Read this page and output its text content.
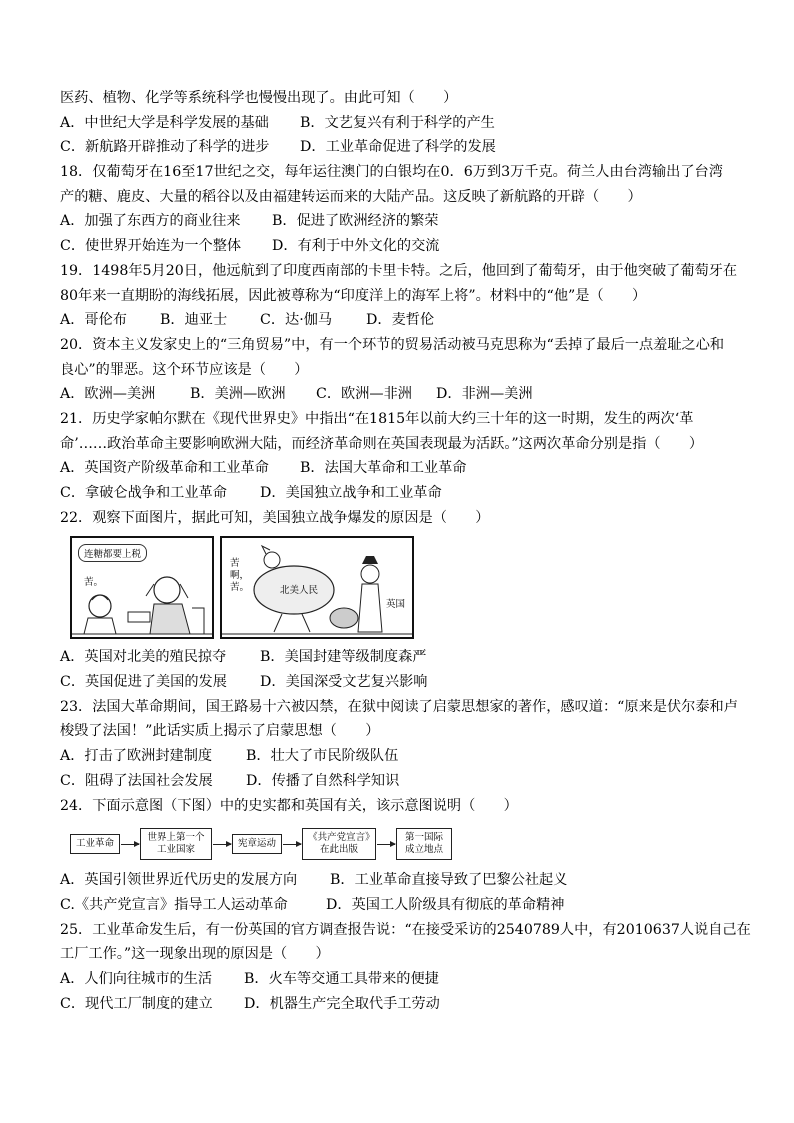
医药、植物、化学等系统科学也慢慢出现了。由此可知（　　）
A．中世纪大学是科学发展的基础	B．文艺复兴有利于科学的产生
C．新航路开辟推动了科学的进步	D．工业革命促进了科学的发展
18．仅葡萄牙在16至17世纪之交，每年运往澳门的白银均在0．6万到3万千克。荷兰人由台湾输出了台湾
产的糖、鹿皮、大量的稻谷以及由福建转运而来的大陆产品。这反映了新航路的开辟（　　）
A．加强了东西方的商业往来	B．促进了欧洲经济的繁荣
C．使世界开始连为一个整体	D．有利于中外文化的交流
19．1498年5月20日，他远航到了印度西南部的卡里卡特。之后，他回到了葡萄牙，由于他突破了葡萄牙在
80年来一直期盼的海线拓展，因此被尊称为“印度洋上的海军上将”。材料中的“他”是（　　）
A．哥伦布	B．迪亚士	C．达·伽马	D．麦哲伦
20．资本主义发家史上的“三角贸易”中，有一个环节的贸易活动被马克思称为“丢掉了最后一点羞耻之心和
良心”的罪恶。这个环节应该是（　　）
A．欧洲—美洲	B．美洲—欧洲	C．欧洲—非洲	D．非洲—美洲
21．历史学家帕尔默在《现代世界史》中指出“在1815年以前大约三十年的这一时期，发生的两次‘革
命’……政治革命主要影响欧洲大陆，而经济革命则在英国表现最为活跃。”这两次革命分别是指（　　）
A．英国资产阶级革命和工业革命	B．法国大革命和工业革命
C．拿破仑战争和工业革命	D．美国独立战争和工业革命
22．观察下面图片，据此可知，美国独立战争爆发的原因是（　　）
连糖都要上税
苦。
苦啊，苦。	北美人民
英国
A．英国对北美的殖民掠夺	B．美国封建等级制度森严
C．英国促进了美国的发展	D．美国深受文艺复兴影响
23．法国大革命期间，国王路易十六被囚禁，在狱中阅读了启蒙思想家的著作，感叹道：“原来是伏尔泰和卢
梭毁了法国！”此话实质上揭示了启蒙思想（　　）
A．打击了欧洲封建制度	B．壮大了市民阶级队伍
C．阻碍了法国社会发展	D．传播了自然科学知识
24．下面示意图（下图）中的史实都和英国有关，该示意图说明（　　）
工业革命
世界上第一个工业国家
宪章运动
《共产党宣言》在此出版
第一国际成立地点
A．英国引领世界近代历史的发展方向	B．工业革命直接导致了巴黎公社起义
C.《共产党宣言》指导工人运动革命	D．英国工人阶级具有彻底的革命精神
25．工业革命发生后，有一份英国的官方调查报告说：“在接受采访的2540789人中，有2010637人说自己在
工厂工作。”这一现象出现的原因是（　　）
A．人们向往城市的生活	B．火车等交通工具带来的便捷
C．现代工厂制度的建立	D．机器生产完全取代手工劳动
